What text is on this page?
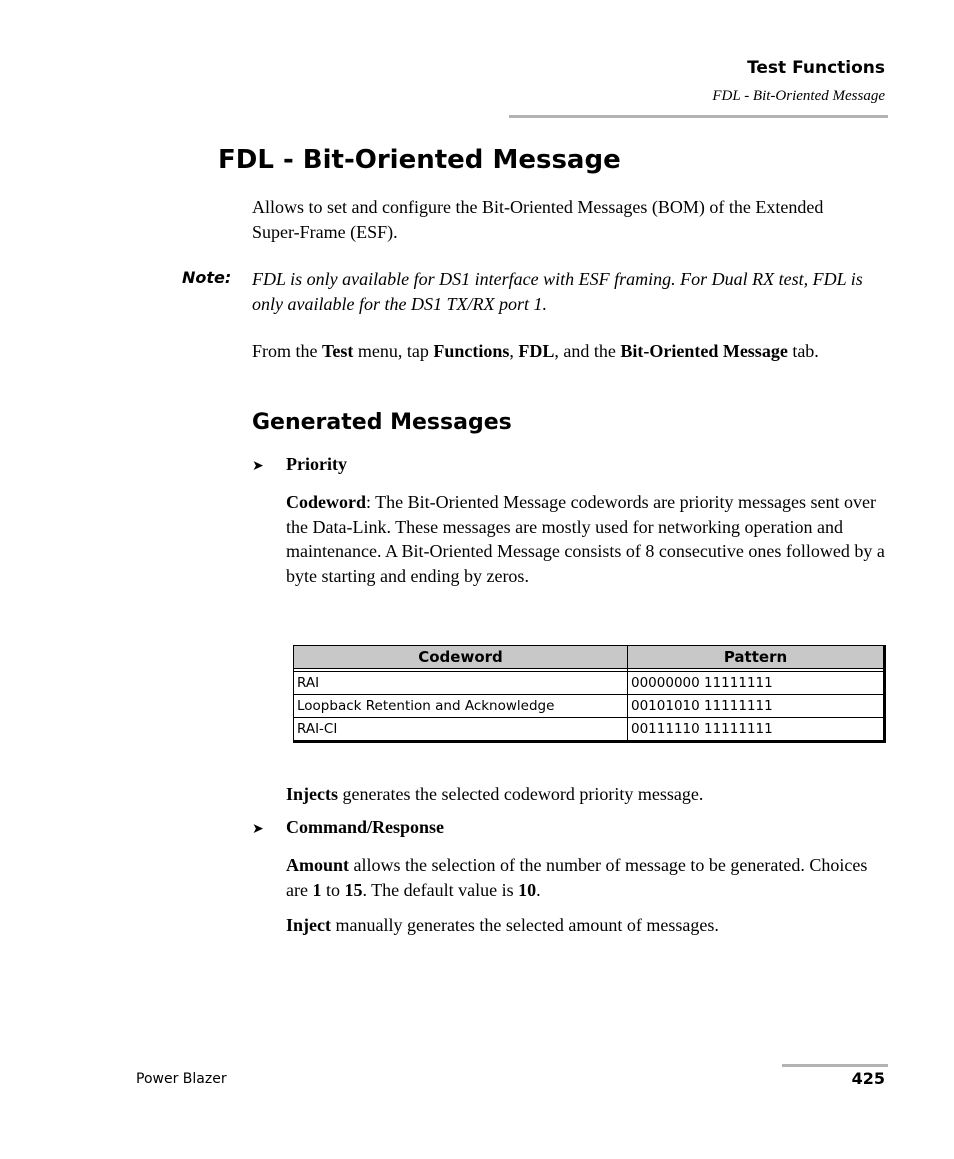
Test Functions
FDL - Bit-Oriented Message
FDL - Bit-Oriented Message

Allows to set and configure the Bit-Oriented Messages (BOM) of the Extended Super-Frame (ESF).

Note: FDL is only available for DS1 interface with ESF framing. For Dual RX test, FDL is only available for the DS1 TX/RX port 1.

From the Test menu, tap Functions, FDL, and the Bit-Oriented Message tab.

Generated Messages
➤ Priority

Codeword: The Bit-Oriented Message codewords are priority messages sent over the Data-Link. These messages are mostly used for networking operation and maintenance. A Bit-Oriented Message consists of 8 consecutive ones followed by a byte starting and ending by zeros.

Codeword	Pattern

RAI	00000000 11111111
Loopback Retention and Acknowledge	00101010 11111111
RAI-CI	00111110 11111111

Injects generates the selected codeword priority message.

➤ Command/Response

Amount allows the selection of the number of message to be generated. Choices are 1 to 15. The default value is 10.

Inject manually generates the selected amount of messages.

Power Blazer	425
